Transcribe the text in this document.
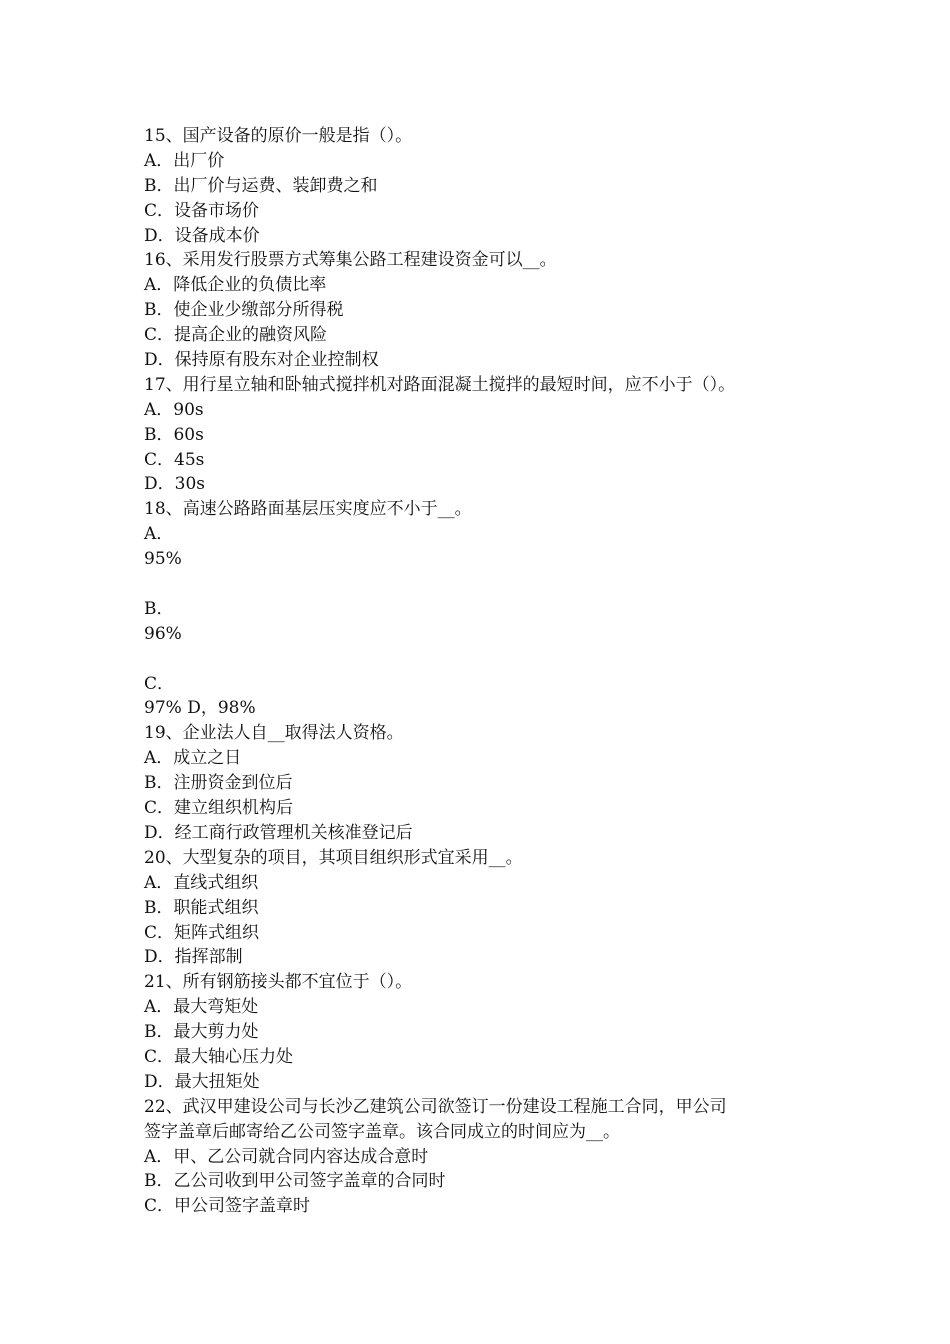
15、国产设备的原价一般是指（）。
A．出厂价
B．出厂价与运费、装卸费之和
C．设备市场价
D．设备成本价
16、采用发行股票方式筹集公路工程建设资金可以__。
A．降低企业的负债比率
B．使企业少缴部分所得税
C．提高企业的融资风险
D．保持原有股东对企业控制权
17、用行星立轴和卧轴式搅拌机对路面混凝土搅拌的最短时间，应不小于（）。
A．90s
B．60s
C．45s
D．30s
18、高速公路路面基层压实度应不小于__。
A．
95%
B．
96%
C．
97% D，98%
19、企业法人自__取得法人资格。
A．成立之日
B．注册资金到位后
C．建立组织机构后
D．经工商行政管理机关核准登记后
20、大型复杂的项目，其项目组织形式宜采用__。
A．直线式组织
B．职能式组织
C．矩阵式组织
D．指挥部制
21、所有钢筋接头都不宜位于（）。
A．最大弯矩处
B．最大剪力处
C．最大轴心压力处
D．最大扭矩处
22、武汉甲建设公司与长沙乙建筑公司欲签订一份建设工程施工合同，甲公司
签字盖章后邮寄给乙公司签字盖章。该合同成立的时间应为__。
A．甲、乙公司就合同内容达成合意时
B．乙公司收到甲公司签字盖章的合同时
C．甲公司签字盖章时
